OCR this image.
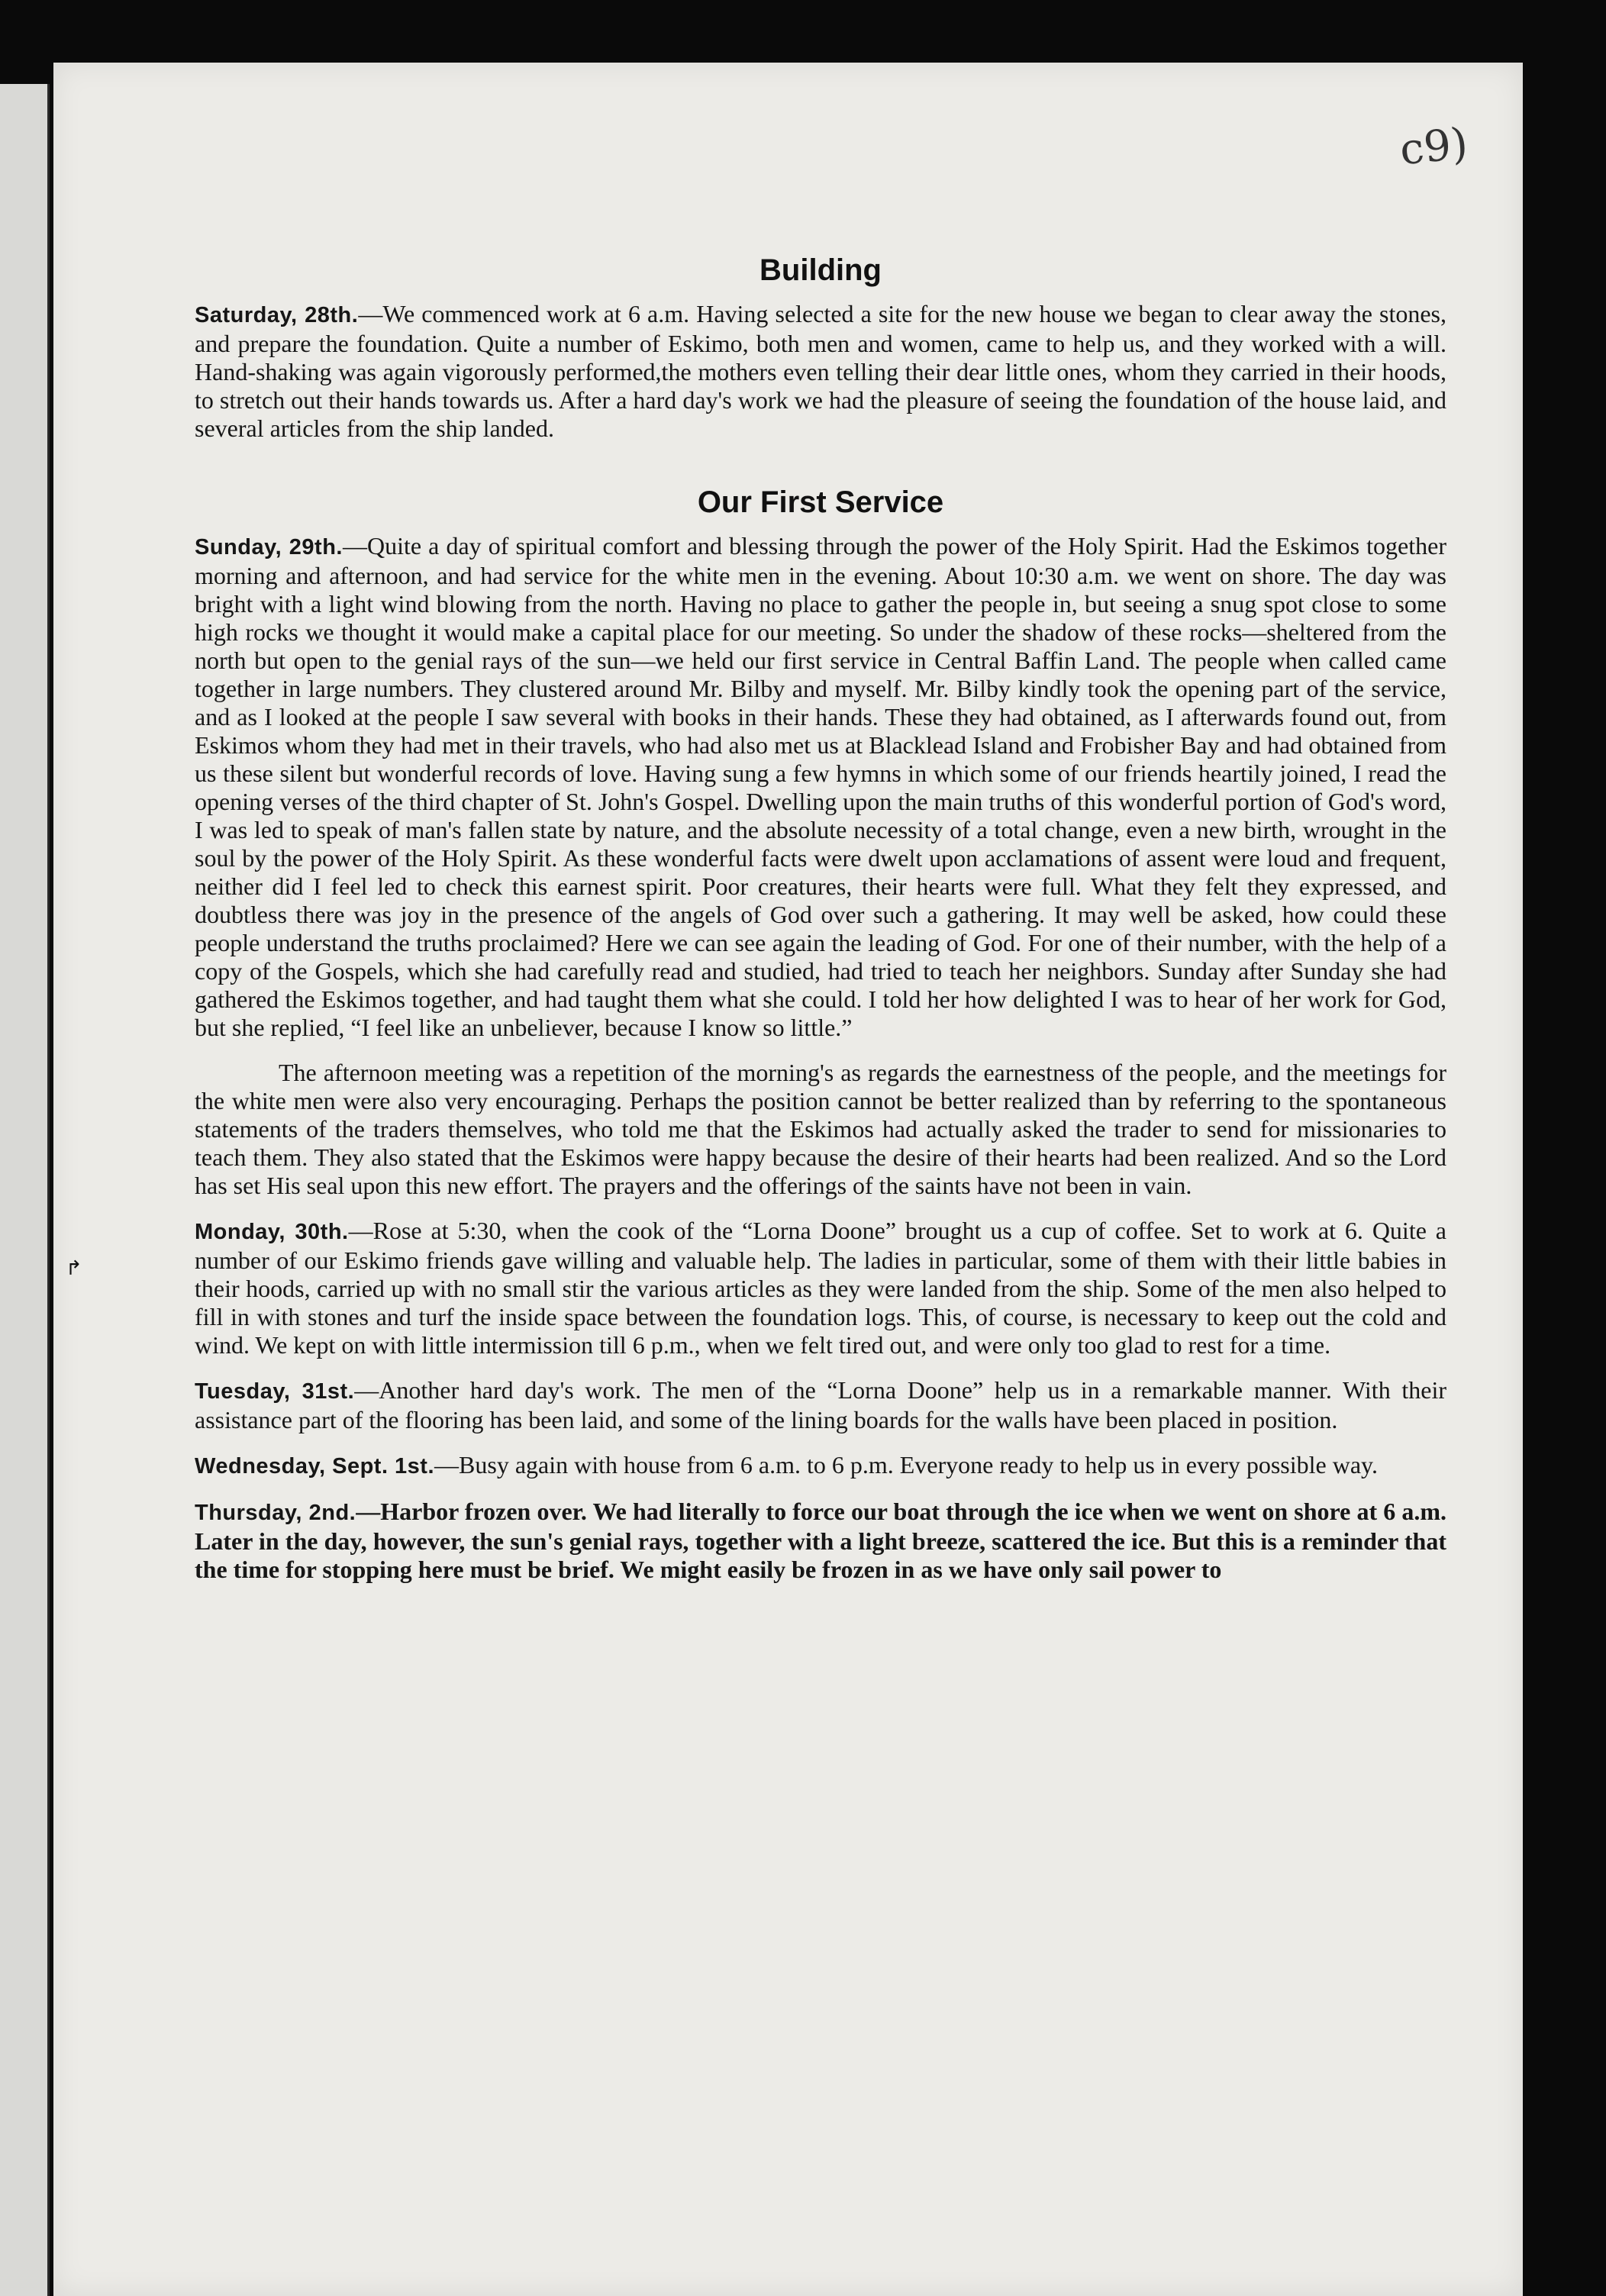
c9)
↱
Building

Saturday, 28th.—We commenced work at 6 a.m. Having selected a site for the new house we began to clear away the stones, and prepare the foundation. Quite a number of Eskimo, both men and women, came to help us, and they worked with a will. Hand-shaking was again vigorously performed,the mothers even telling their dear little ones, whom they carried in their hoods, to stretch out their hands towards us. After a hard day's work we had the pleasure of seeing the foundation of the house laid, and several articles from the ship landed.

Our First Service

Sunday, 29th.—Quite a day of spiritual comfort and blessing through the power of the Holy Spirit. Had the Eskimos together morning and afternoon, and had service for the white men in the evening. About 10:30 a.m. we went on shore. The day was bright with a light wind blowing from the north. Having no place to gather the people in, but seeing a snug spot close to some high rocks we thought it would make a capital place for our meeting. So under the shadow of these rocks—sheltered from the north but open to the genial rays of the sun—we held our first service in Central Baffin Land. The people when called came together in large numbers. They clustered around Mr. Bilby and myself. Mr. Bilby kindly took the opening part of the service, and as I looked at the people I saw several with books in their hands. These they had obtained, as I afterwards found out, from Eskimos whom they had met in their travels, who had also met us at Blacklead Island and Frobisher Bay and had obtained from us these silent but wonderful records of love. Having sung a few hymns in which some of our friends heartily joined, I read the opening verses of the third chapter of St. John's Gospel. Dwelling upon the main truths of this wonderful portion of God's word, I was led to speak of man's fallen state by nature, and the absolute necessity of a total change, even a new birth, wrought in the soul by the power of the Holy Spirit. As these wonderful facts were dwelt upon acclamations of assent were loud and frequent, neither did I feel led to check this earnest spirit. Poor creatures, their hearts were full. What they felt they expressed, and doubtless there was joy in the presence of the angels of God over such a gathering. It may well be asked, how could these people understand the truths proclaimed? Here we can see again the leading of God. For one of their number, with the help of a copy of the Gospels, which she had carefully read and studied, had tried to teach her neighbors. Sunday after Sunday she had gathered the Eskimos together, and had taught them what she could. I told her how delighted I was to hear of her work for God, but she replied, “I feel like an unbeliever, because I know so little.”

The afternoon meeting was a repetition of the morning's as regards the earnestness of the people, and the meetings for the white men were also very encouraging. Perhaps the position cannot be better realized than by referring to the spontaneous statements of the traders themselves, who told me that the Eskimos had actually asked the trader to send for missionaries to teach them. They also stated that the Eskimos were happy because the desire of their hearts had been realized. And so the Lord has set His seal upon this new effort. The prayers and the offerings of the saints have not been in vain.

Monday, 30th.—Rose at 5:30, when the cook of the “Lorna Doone” brought us a cup of coffee. Set to work at 6. Quite a number of our Eskimo friends gave willing and valuable help. The ladies in particular, some of them with their little babies in their hoods, carried up with no small stir the various articles as they were landed from the ship. Some of the men also helped to fill in with stones and turf the inside space between the foundation logs. This, of course, is necessary to keep out the cold and wind. We kept on with little intermission till 6 p.m., when we felt tired out, and were only too glad to rest for a time.

Tuesday, 31st.—Another hard day's work. The men of the “Lorna Doone” help us in a remarkable manner. With their assistance part of the flooring has been laid, and some of the lining boards for the walls have been placed in position.

Wednesday, Sept. 1st.—Busy again with house from 6 a.m. to 6 p.m. Everyone ready to help us in every possible way.

Thursday, 2nd.—Harbor frozen over. We had literally to force our boat through the ice when we went on shore at 6 a.m. Later in the day, however, the sun's genial rays, together with a light breeze, scattered the ice. But this is a reminder that the time for stopping here must be brief. We might easily be frozen in as we have only sail power to
